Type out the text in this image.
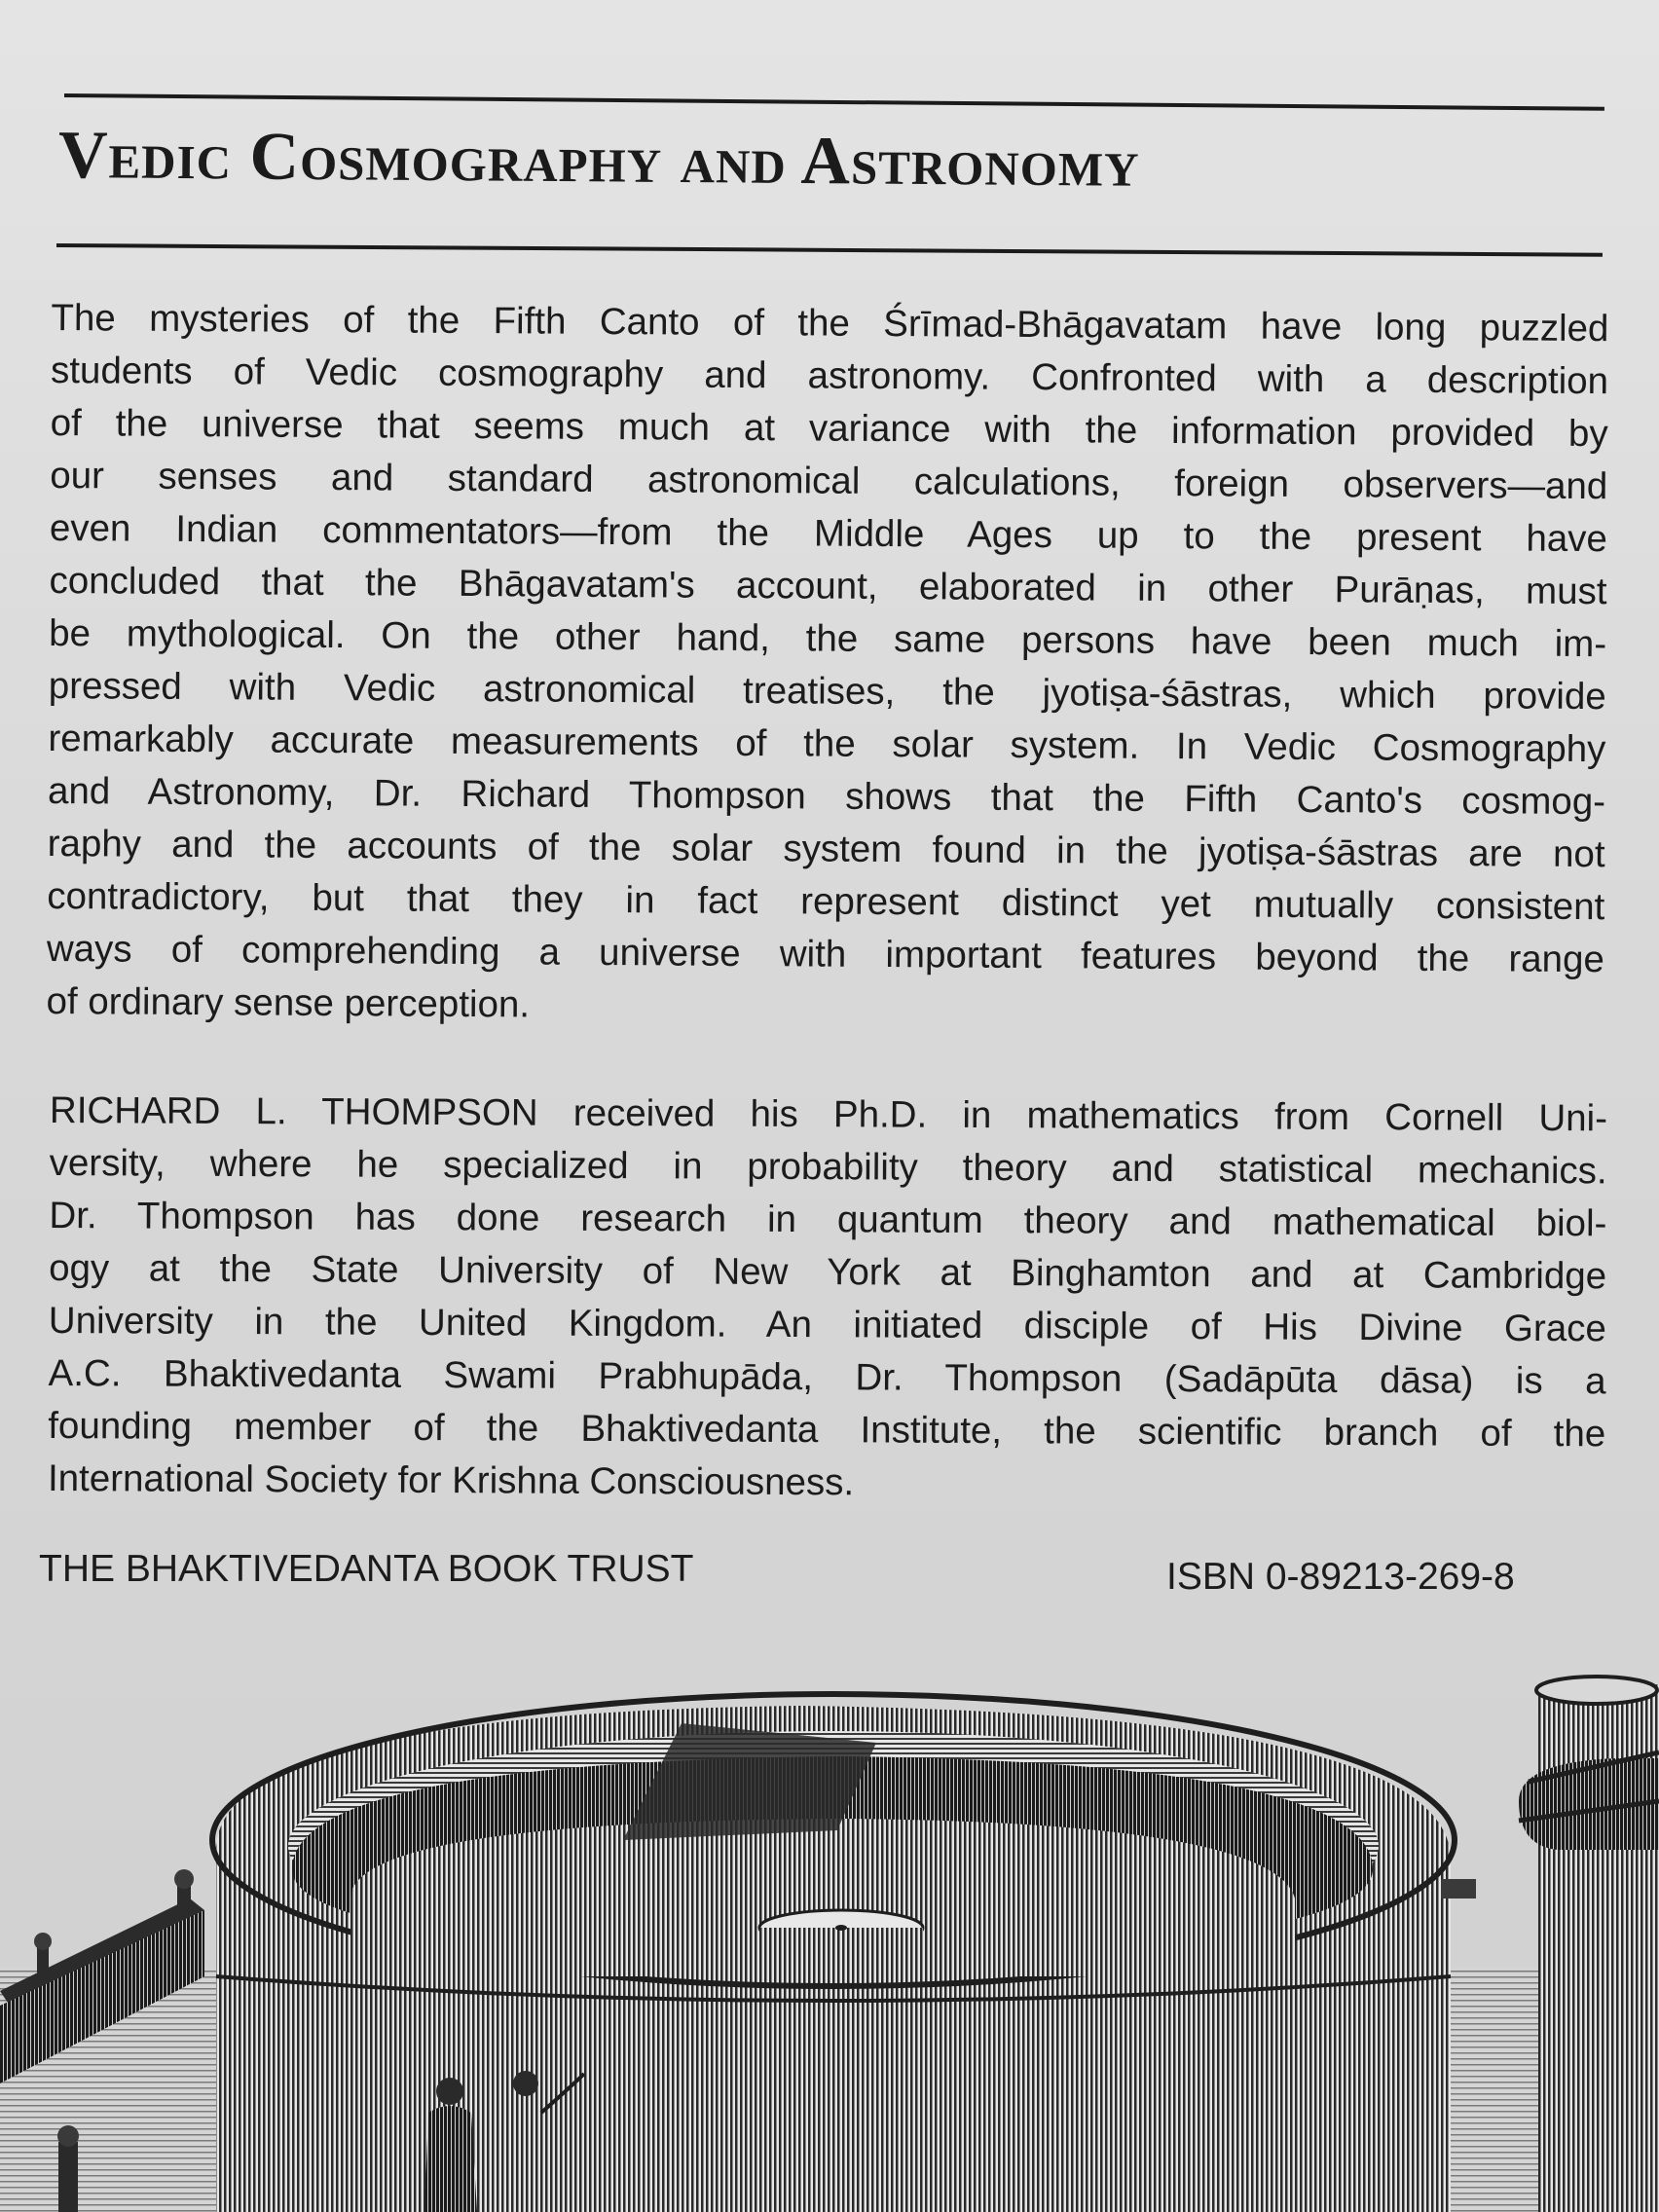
Vedic Cosmography and Astronomy
The mysteries of the Fifth Canto of the Śrīmad-Bhāgavatam have long puzzled
students of Vedic cosmography and astronomy. Confronted with a description
of the universe that seems much at variance with the information provided by
our senses and standard astronomical calculations, foreign observers—and
even Indian commentators—from the Middle Ages up to the present have
concluded that the Bhāgavatam's account, elaborated in other Purāṇas, must
be mythological. On the other hand, the same persons have been much im-
pressed with Vedic astronomical treatises, the jyotiṣa-śāstras, which provide
remarkably accurate measurements of the solar system. In Vedic Cosmography
and Astronomy, Dr. Richard Thompson shows that the Fifth Canto's cosmog-
raphy and the accounts of the solar system found in the jyotiṣa-śāstras are not
contradictory, but that they in fact represent distinct yet mutually consistent
ways of comprehending a universe with important features beyond the range
of ordinary sense perception.
RICHARD L. THOMPSON received his Ph.D. in mathematics from Cornell Uni-
versity, where he specialized in probability theory and statistical mechanics.
Dr. Thompson has done research in quantum theory and mathematical biol-
ogy at the State University of New York at Binghamton and at Cambridge
University in the United Kingdom. An initiated disciple of His Divine Grace
A.C. Bhaktivedanta Swami Prabhupāda, Dr. Thompson (Sadāpūta dāsa) is a
founding member of the Bhaktivedanta Institute, the scientific branch of the
International Society for Krishna Consciousness.
THE BHAKTIVEDANTA BOOK TRUST	ISBN 0-89213-269-8
